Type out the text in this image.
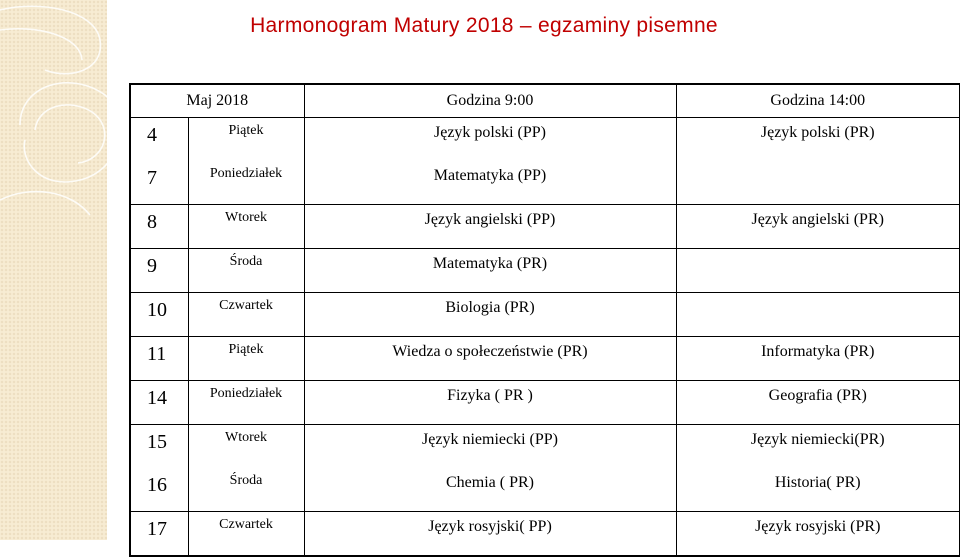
Harmonogram Matury 2018 – egzaminy pisemne
Maj 2018		Godzina 9:00	Godzina 14:00
4	Piątek	Język polski (PP)	Język polski (PR)
7	Poniedziałek	Matematyka (PP)	
8	Wtorek	Język angielski (PP)	Język angielski (PR)
9	Środa	Matematyka (PR)	
10	Czwartek	Biologia (PR)	
11	Piątek	Wiedza o społeczeństwie (PR)	Informatyka (PR)
14	Poniedziałek	Fizyka ( PR )	Geografia (PR)
15	Wtorek	Język niemiecki (PP)	Język niemiecki(PR)
16	Środa	Chemia ( PR)	Historia( PR)
17	Czwartek	Język rosyjski( PP)	Język rosyjski (PR)
